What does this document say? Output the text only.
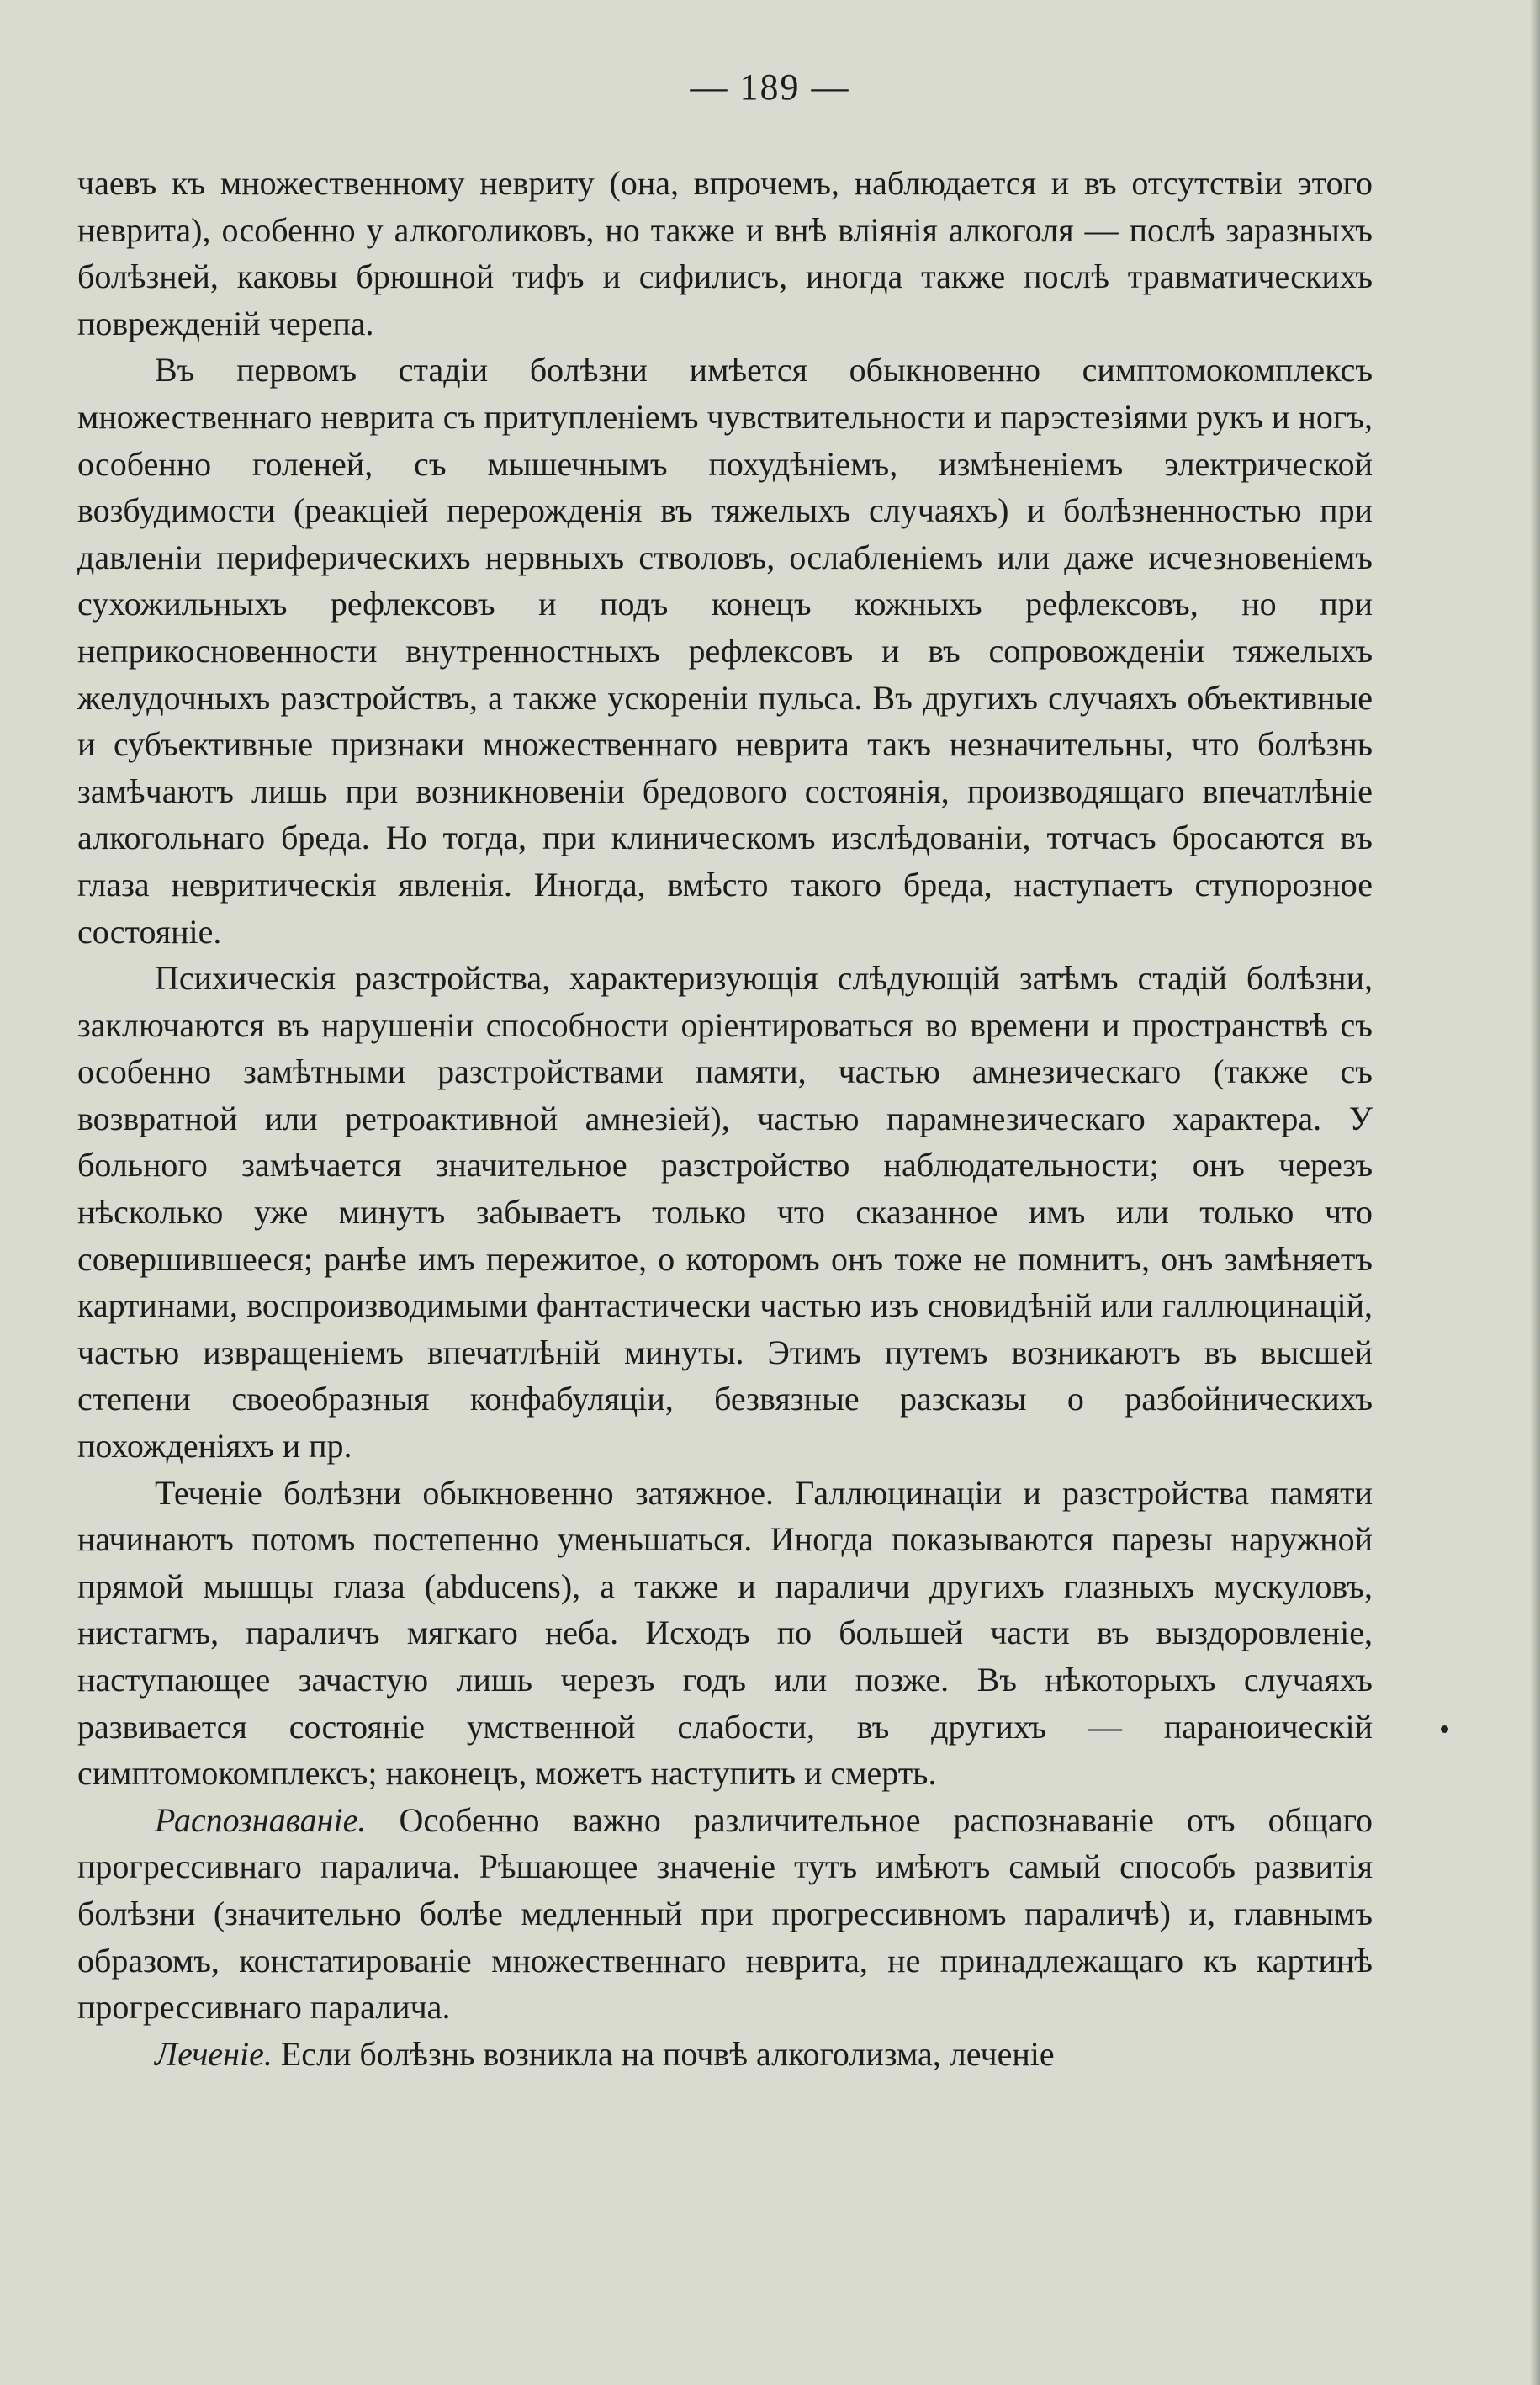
— 189 —

чаевъ къ множественному невриту (она, впрочемъ, наблюдается и въ отсутствіи этого неврита), особенно у алкоголиковъ, но также и внѣ вліянія алкоголя — послѣ заразныхъ болѣзней, каковы брюшной тифъ и сифилисъ, иногда также послѣ травматическихъ поврежденій черепа.

Въ первомъ стадіи болѣзни имѣется обыкновенно симптомокомплексъ множественнаго неврита съ притупленіемъ чувствительности и парэстезіями рукъ и ногъ, особенно голеней, съ мышечнымъ похудѣніемъ, измѣненіемъ электрической возбудимости (реакціей перерожденія въ тяжелыхъ случаяхъ) и болѣзненностью при давленіи периферическихъ нервныхъ стволовъ, ослабленіемъ или даже исчезновеніемъ сухожильныхъ рефлексовъ и подъ конецъ кожныхъ рефлексовъ, но при неприкосновенности внутренностныхъ рефлексовъ и въ сопровожденіи тяжелыхъ желудочныхъ разстройствъ, а также ускореніи пульса. Въ другихъ случаяхъ объективные и субъективные признаки множественнаго неврита такъ незначительны, что болѣзнь замѣчаютъ лишь при возникновеніи бредового состоянія, производящаго впечатлѣніе алкогольнаго бреда. Но тогда, при клиническомъ изслѣдованіи, тотчасъ бросаются въ глаза невритическія явленія. Иногда, вмѣсто такого бреда, наступаетъ ступорозное состояніе.

Психическія разстройства, характеризующія слѣдующій затѣмъ стадій болѣзни, заключаются въ нарушеніи способности оріентироваться во времени и пространствѣ съ особенно замѣтными разстройствами памяти, частью амнезическаго (также съ возвратной или ретроактивной амнезіей), частью парамнезическаго характера. У больного замѣчается значительное разстройство наблюдательности; онъ черезъ нѣсколько уже минутъ забываетъ только что сказанное имъ или только что совершившееся; ранѣе имъ пережитое, о которомъ онъ тоже не помнитъ, онъ замѣняетъ картинами, воспроизводимыми фантастически частью изъ сновидѣній или галлюцинацій, частью извращеніемъ впечатлѣній минуты. Этимъ путемъ возникаютъ въ высшей степени своеобразныя конфабуляціи, безвязные разсказы о разбойническихъ похожденіяхъ и пр.

Теченіе болѣзни обыкновенно затяжное. Галлюцинаціи и разстройства памяти начинаютъ потомъ постепенно уменьшаться. Иногда показываются парезы наружной прямой мышцы глаза (abducens), а также и параличи другихъ глазныхъ мускуловъ, нистагмъ, параличъ мягкаго неба. Исходъ по большей части въ выздоровленіе, наступающее зачастую лишь черезъ годъ или позже. Въ нѣкоторыхъ случаяхъ развивается состояніе умственной слабости, въ другихъ — параноическій симптомокомплексъ; наконецъ, можетъ наступить и смерть.

Распознаваніе. Особенно важно различительное распознаваніе отъ общаго прогрессивнаго паралича. Рѣшающее значеніе тутъ имѣютъ самый способъ развитія болѣзни (значительно болѣе медленный при прогрессивномъ параличѣ) и, главнымъ образомъ, констатированіе множественнаго неврита, не принадлежащаго къ картинѣ прогрессивнаго паралича.

Леченіе. Если болѣзнь возникла на почвѣ алкоголизма, леченіе
